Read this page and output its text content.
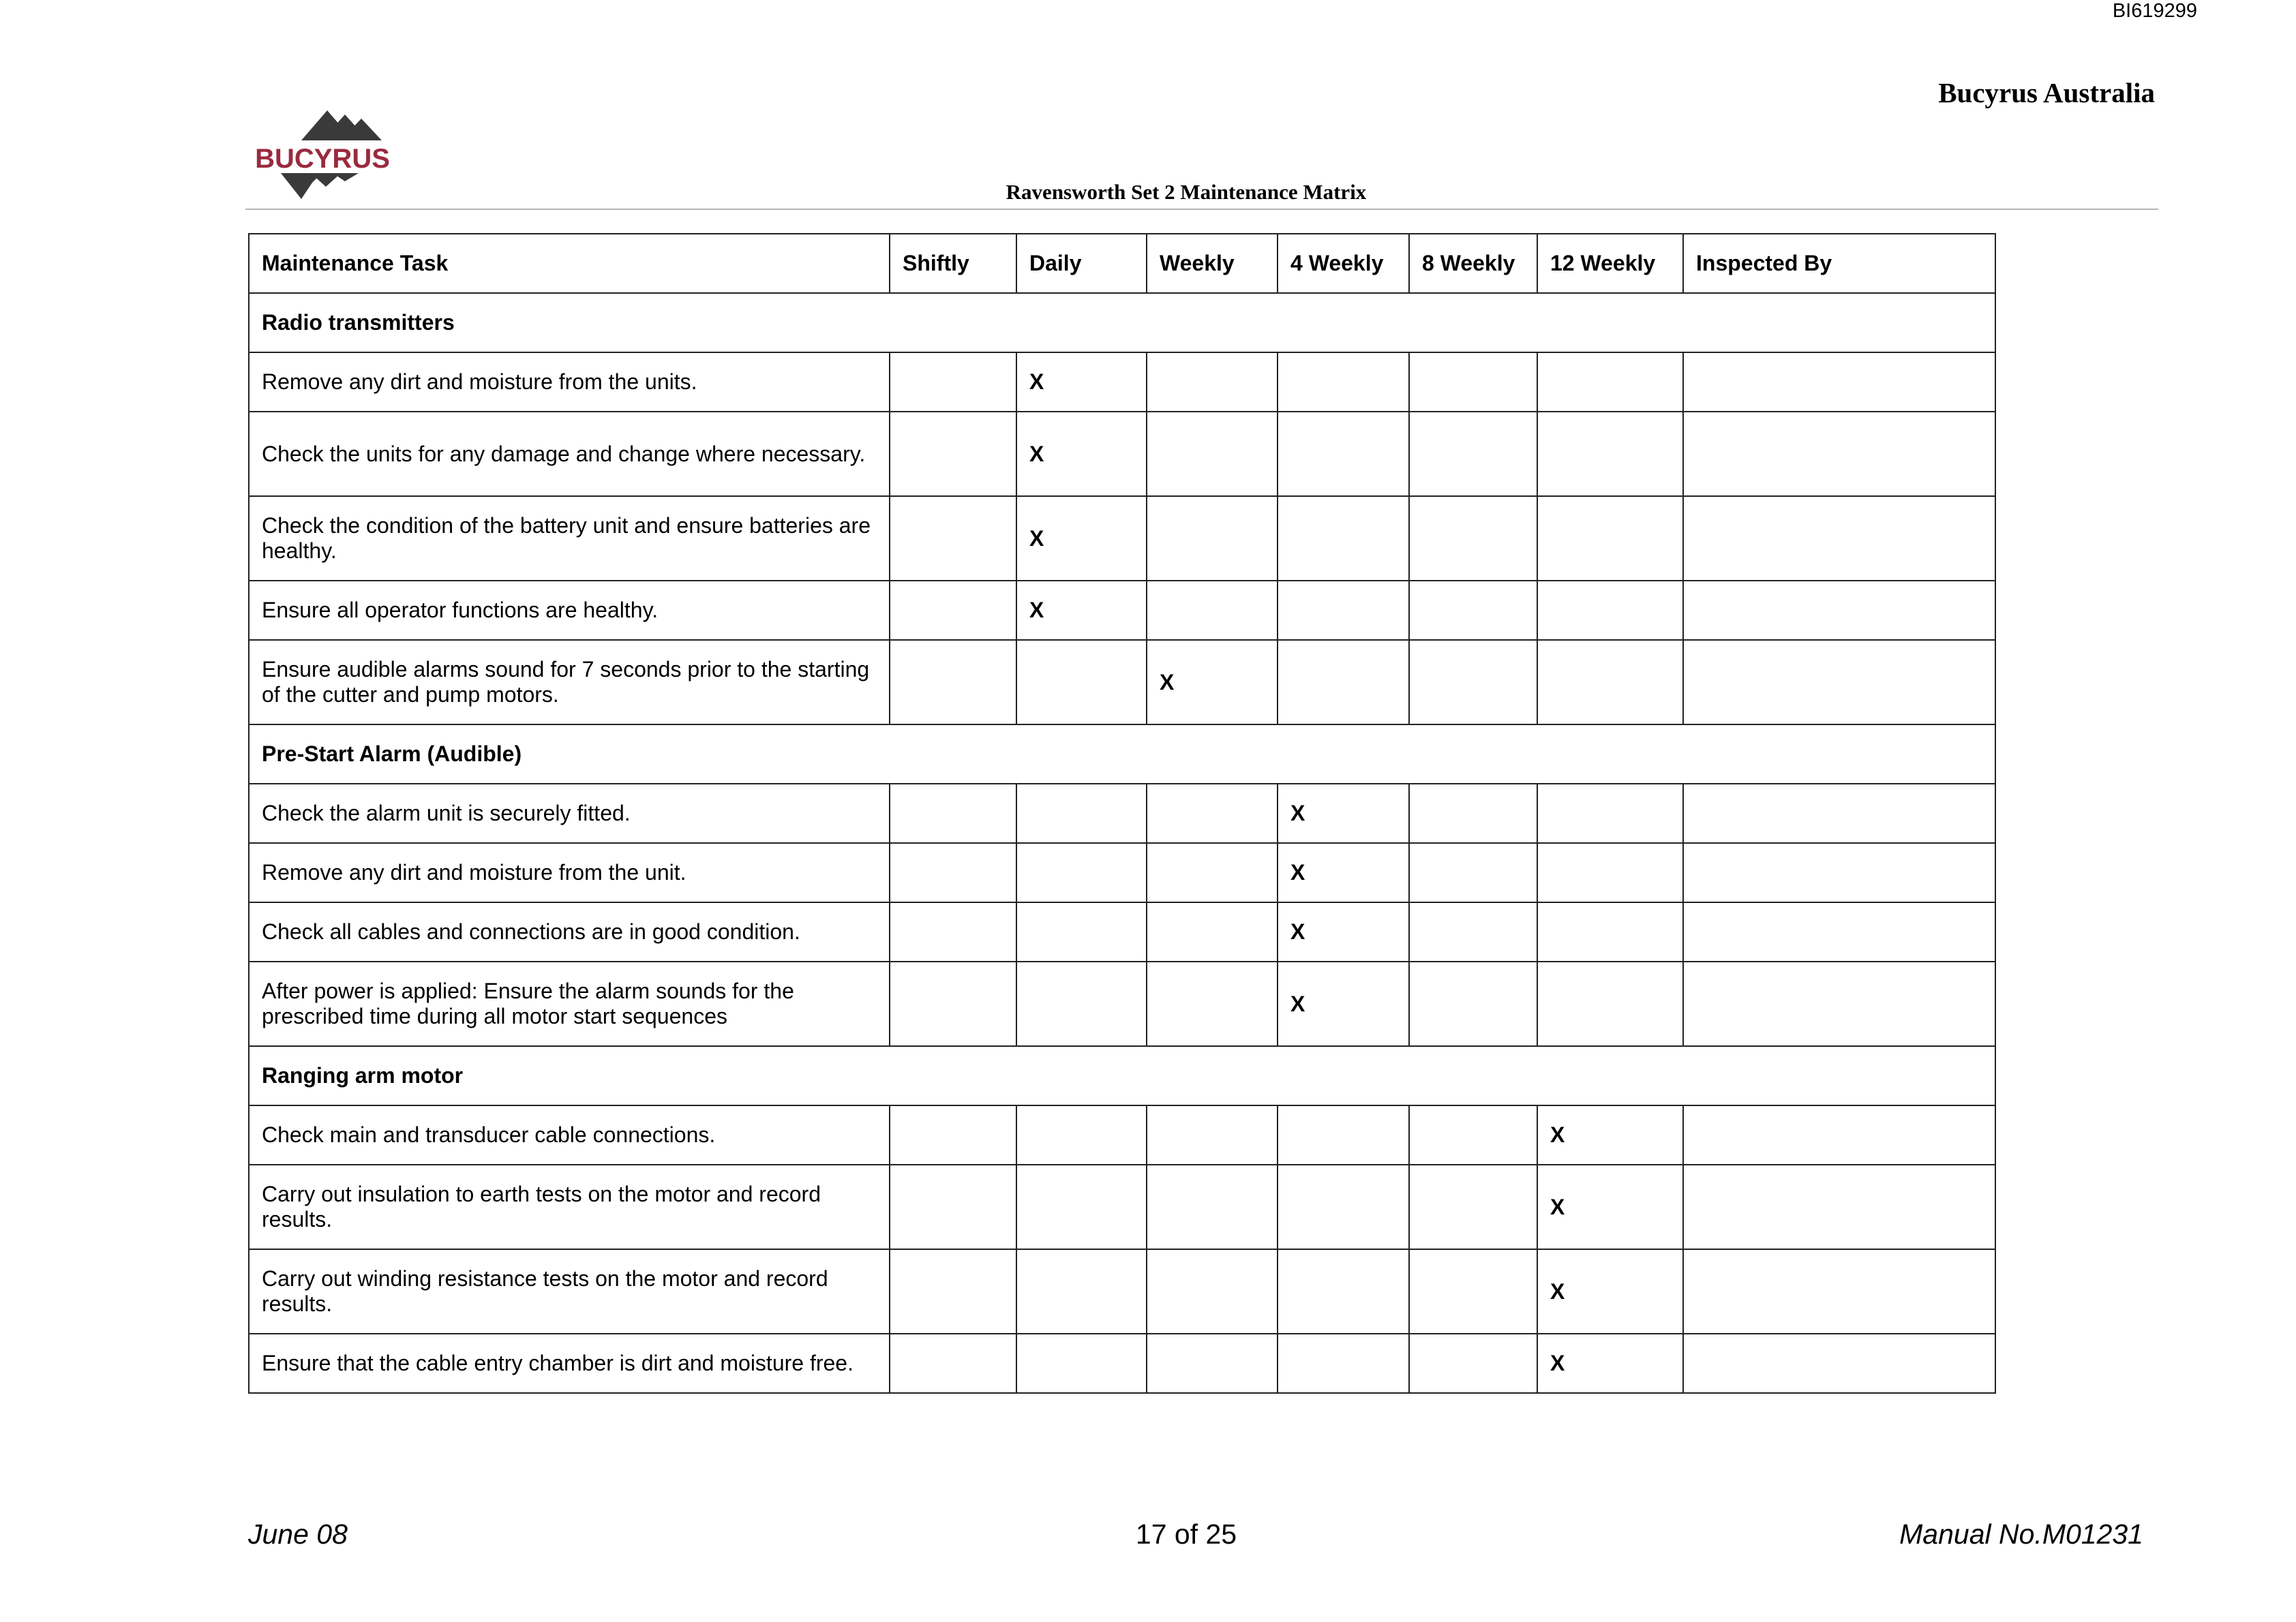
BI619299
Bucyrus Australia
BUCYRUS
Ravensworth Set 2 Maintenance Matrix
Maintenance Task	Shiftly	Daily	Weekly	4 Weekly	8 Weekly	12 Weekly	Inspected By
Radio transmitters							
Remove any dirt and moisture from the units.		X					
Check the units for any damage and change where necessary.		X					
Check the condition of the battery unit and ensure batteries are healthy.		X					
Ensure all operator functions are healthy.		X					
Ensure audible alarms sound for 7 seconds prior to the starting of the cutter and pump motors.			X				
Pre-Start Alarm (Audible)							
Check the alarm unit is securely fitted.				X			
Remove any dirt and moisture from the unit.				X			
Check all cables and connections are in good condition.				X			
After power is applied: Ensure the alarm sounds for the prescribed time during all motor start sequences				X			
Ranging arm motor							
Check main and transducer cable connections.						X	
Carry out insulation to earth tests on the motor and record results.						X	
Carry out winding resistance tests on the motor and record results.						X	
Ensure that the cable entry chamber is dirt and moisture free.						X	
June 08	17 of 25	Manual No.M01231
